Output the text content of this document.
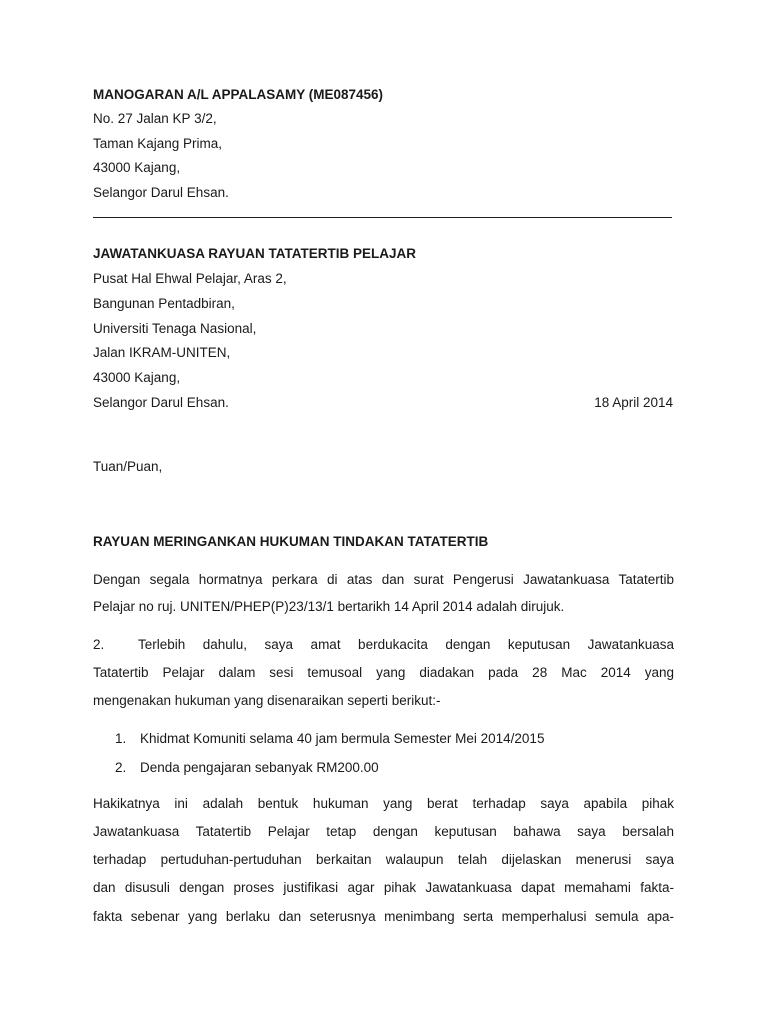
MANOGARAN A/L APPALASAMY (ME087456)
No. 27 Jalan KP 3/2,
Taman Kajang Prima,
43000 Kajang,
Selangor Darul Ehsan.
JAWATANKUASA RAYUAN TATATERTIB PELAJAR
Pusat Hal Ehwal Pelajar, Aras 2,
Bangunan Pentadbiran,
Universiti Tenaga Nasional,
Jalan IKRAM-UNITEN,
43000 Kajang,
Selangor Darul Ehsan.	18 April 2014
Tuan/Puan,
RAYUAN MERINGANKAN HUKUMAN TINDAKAN TATATERTIB
Dengan segala hormatnya perkara di atas dan surat Pengerusi Jawatankuasa Tatatertib
Pelajar no ruj. UNITEN/PHEP(P)23/13/1 bertarikh 14 April 2014 adalah dirujuk.
2. Terlebih dahulu, saya amat berdukacita dengan keputusan Jawatankuasa
Tatatertib Pelajar dalam sesi temusoal yang diadakan pada 28 Mac 2014 yang
mengenakan hukuman yang disenaraikan seperti berikut:-
1. Khidmat Komuniti selama 40 jam bermula Semester Mei 2014/2015
2. Denda pengajaran sebanyak RM200.00
Hakikatnya ini adalah bentuk hukuman yang berat terhadap saya apabila pihak
Jawatankuasa Tatatertib Pelajar tetap dengan keputusan bahawa saya bersalah
terhadap pertuduhan-pertuduhan berkaitan walaupun telah dijelaskan menerusi saya
dan disusuli dengan proses justifikasi agar pihak Jawatankuasa dapat memahami fakta-
fakta sebenar yang berlaku dan seterusnya menimbang serta memperhalusi semula apa-
